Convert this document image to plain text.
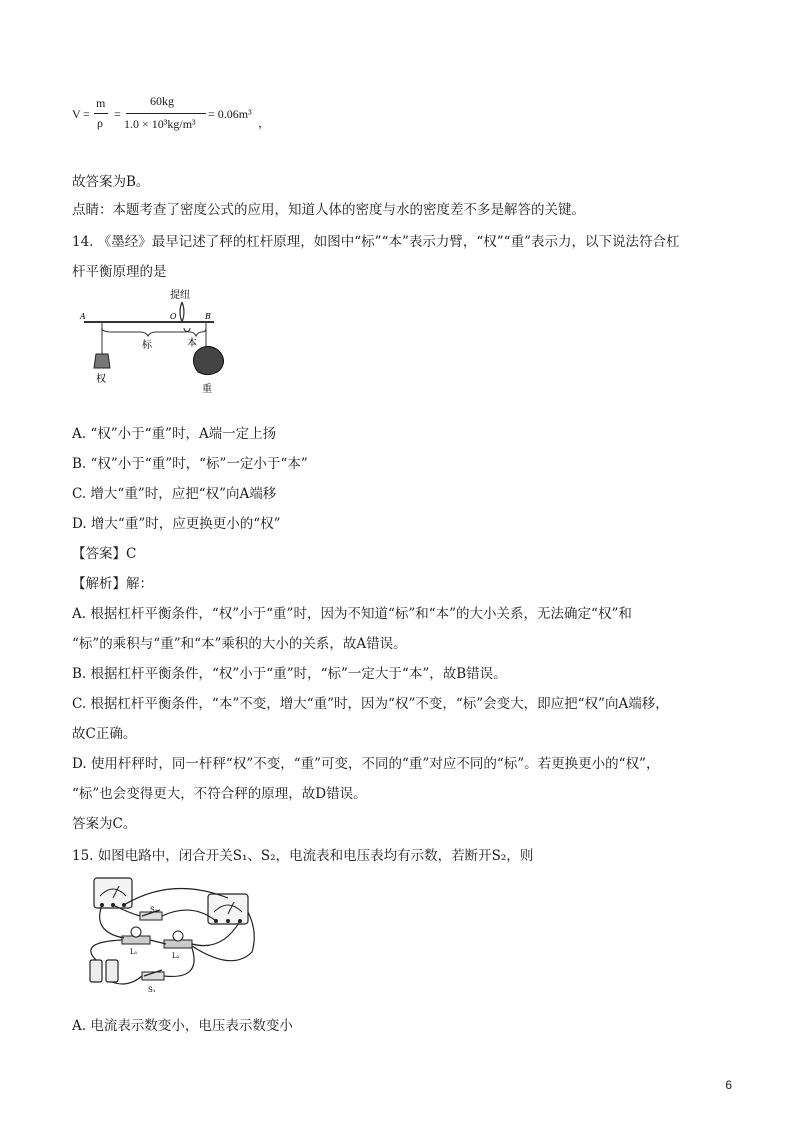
V =
m
ρ
=
60kg
1.0 × 10³kg/m³
= 0.06m³
，
故答案为B。
点睛：本题考查了密度公式的应用，知道人体的密度与水的密度差不多是解答的关键。
14. 《墨经》最早记述了秤的杠杆原理，如图中“标”“本”表示力臂，“权”“重”表示力，以下说法符合杠
杆平衡原理的是
提纽
A	O	B
标	本
权
重
A. “权”小于“重”时，A端一定上扬
B. “权”小于“重”时，“标”一定小于“本”
C. 增大“重”时，应把“权”向A端移
D. 增大“重”时，应更换更小的“权”
【答案】C
【解析】解：
A. 根据杠杆平衡条件，“权”小于“重”时，因为不知道“标”和“本”的大小关系，无法确定“权”和
“标”的乘积与“重”和“本”乘积的大小的关系，故A错误。
B. 根据杠杆平衡条件，“权”小于“重”时，“标”一定大于“本”，故B错误。
C. 根据杠杆平衡条件，“本”不变，增大“重”时，因为“权”不变，“标”会变大，即应把“权”向A端移，
故C正确。
D. 使用杆秤时，同一杆秤“权”不变，“重”可变，不同的“重”对应不同的“标”。若更换更小的“权”，
“标”也会变得更大，不符合秤的原理，故D错误。
答案为C。
15. 如图电路中，闭合开关S₁、S₂，电流表和电压表均有示数，若断开S₂，则
S₂
L₁	L₂
S₁
A. 电流表示数变小，电压表示数变小
6
